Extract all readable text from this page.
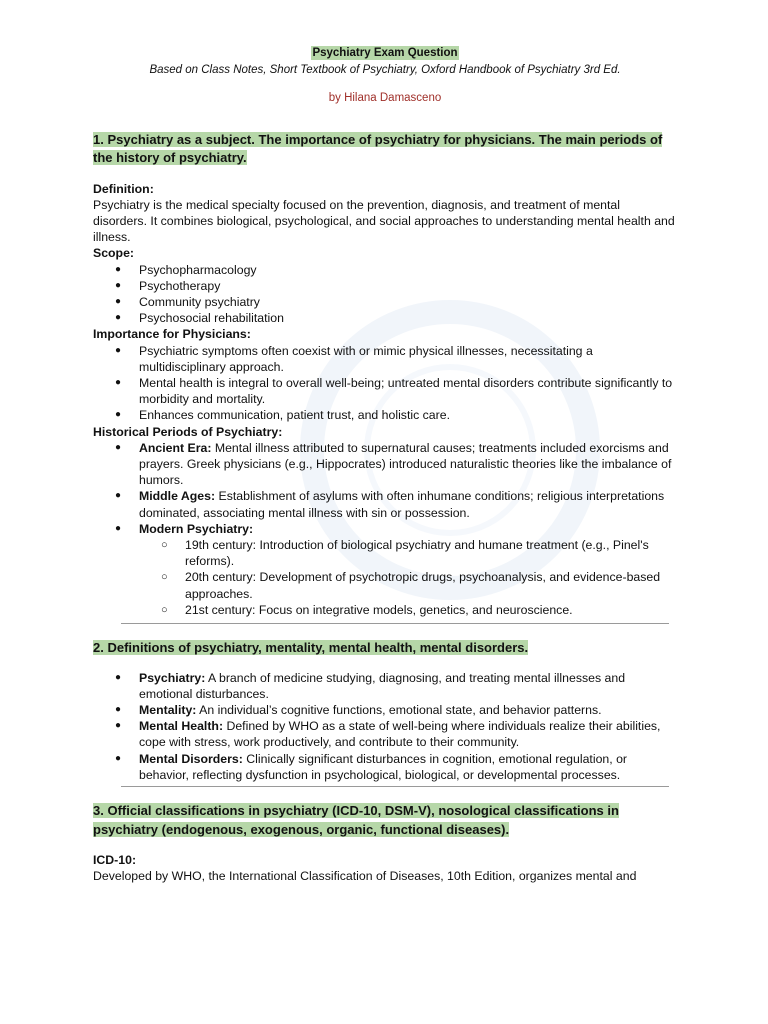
Psychiatry Exam Question
Based on Class Notes, Short Textbook of Psychiatry, Oxford Handbook of Psychiatry 3rd Ed.
by Hilana Damasceno

1. Psychiatry as a subject. The importance of psychiatry for physicians. The main periods of the history of psychiatry.

Definition:

Psychiatry is the medical specialty focused on the prevention, diagnosis, and treatment of mental disorders. It combines biological, psychological, and social approaches to understanding mental health and illness.

Scope:

● Psychopharmacology
● Psychotherapy
● Community psychiatry
● Psychosocial rehabilitation

Importance for Physicians:

● Psychiatric symptoms often coexist with or mimic physical illnesses, necessitating a multidisciplinary approach.
● Mental health is integral to overall well-being; untreated mental disorders contribute significantly to morbidity and mortality.
● Enhances communication, patient trust, and holistic care.

Historical Periods of Psychiatry:

● Ancient Era: Mental illness attributed to supernatural causes; treatments included exorcisms and prayers. Greek physicians (e.g., Hippocrates) introduced naturalistic theories like the imbalance of humors.
● Middle Ages: Establishment of asylums with often inhumane conditions; religious interpretations dominated, associating mental illness with sin or possession.
● Modern Psychiatry:
○ 19th century: Introduction of biological psychiatry and humane treatment (e.g., Pinel's reforms).
○ 20th century: Development of psychotropic drugs, psychoanalysis, and evidence-based approaches.
○ 21st century: Focus on integrative models, genetics, and neuroscience.

2. Definitions of psychiatry, mentality, mental health, mental disorders.

● Psychiatry: A branch of medicine studying, diagnosing, and treating mental illnesses and emotional disturbances.
● Mentality: An individual’s cognitive functions, emotional state, and behavior patterns.
● Mental Health: Defined by WHO as a state of well-being where individuals realize their abilities, cope with stress, work productively, and contribute to their community.
● Mental Disorders: Clinically significant disturbances in cognition, emotional regulation, or behavior, reflecting dysfunction in psychological, biological, or developmental processes.

3. Official classifications in psychiatry (ICD-10, DSM-V), nosological classifications in psychiatry (endogenous, exogenous, organic, functional diseases).

ICD-10:

Developed by WHO, the International Classification of Diseases, 10th Edition, organizes mental and
